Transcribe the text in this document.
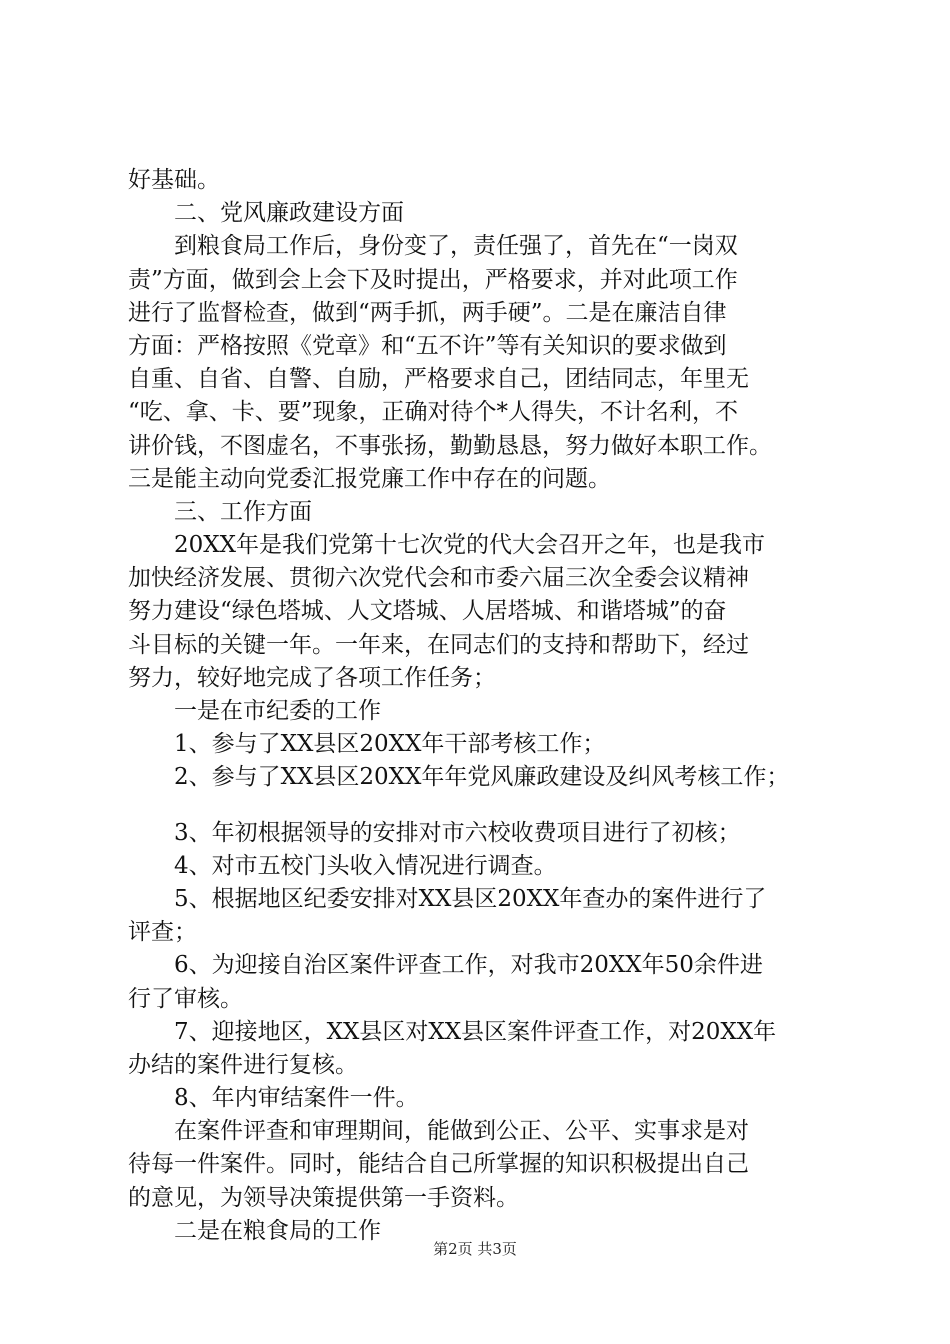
好基础。
二、党风廉政建设方面
到粮食局工作后，身份变了，责任强了，首先在“一岗双
责”方面，做到会上会下及时提出，严格要求，并对此项工作
进行了监督检查，做到“两手抓，两手硬”。二是在廉洁自律
方面：严格按照《党章》和“五不许”等有关知识的要求做到
自重、自省、自警、自励，严格要求自己，团结同志，年里无
“吃、拿、卡、要”现象，正确对待个*人得失，不计名利，不
讲价钱，不图虚名，不事张扬，勤勤恳恳，努力做好本职工作。
三是能主动向党委汇报党廉工作中存在的问题。
三、工作方面
20XX年是我们党第十七次党的代大会召开之年，也是我市
加快经济发展、贯彻六次党代会和市委六届三次全委会议精神
努力建设“绿色塔城、人文塔城、人居塔城、和谐塔城”的奋
斗目标的关键一年。一年来，在同志们的支持和帮助下，经过
努力，较好地完成了各项工作任务；
一是在市纪委的工作
1、参与了XX县区20XX年干部考核工作；
2、参与了XX县区20XX年年党风廉政建设及纠风考核工作；
3、年初根据领导的安排对市六校收费项目进行了初核；
4、对市五校门头收入情况进行调查。
5、根据地区纪委安排对XX县区20XX年查办的案件进行了
评查；
6、为迎接自治区案件评查工作，对我市20XX年50余件进
行了审核。
7、迎接地区，XX县区对XX县区案件评查工作，对20XX年
办结的案件进行复核。
8、年内审结案件一件。
在案件评查和审理期间，能做到公正、公平、实事求是对
待每一件案件。同时，能结合自己所掌握的知识积极提出自己
的意见，为领导决策提供第一手资料。
二是在粮食局的工作
第2页 共3页
